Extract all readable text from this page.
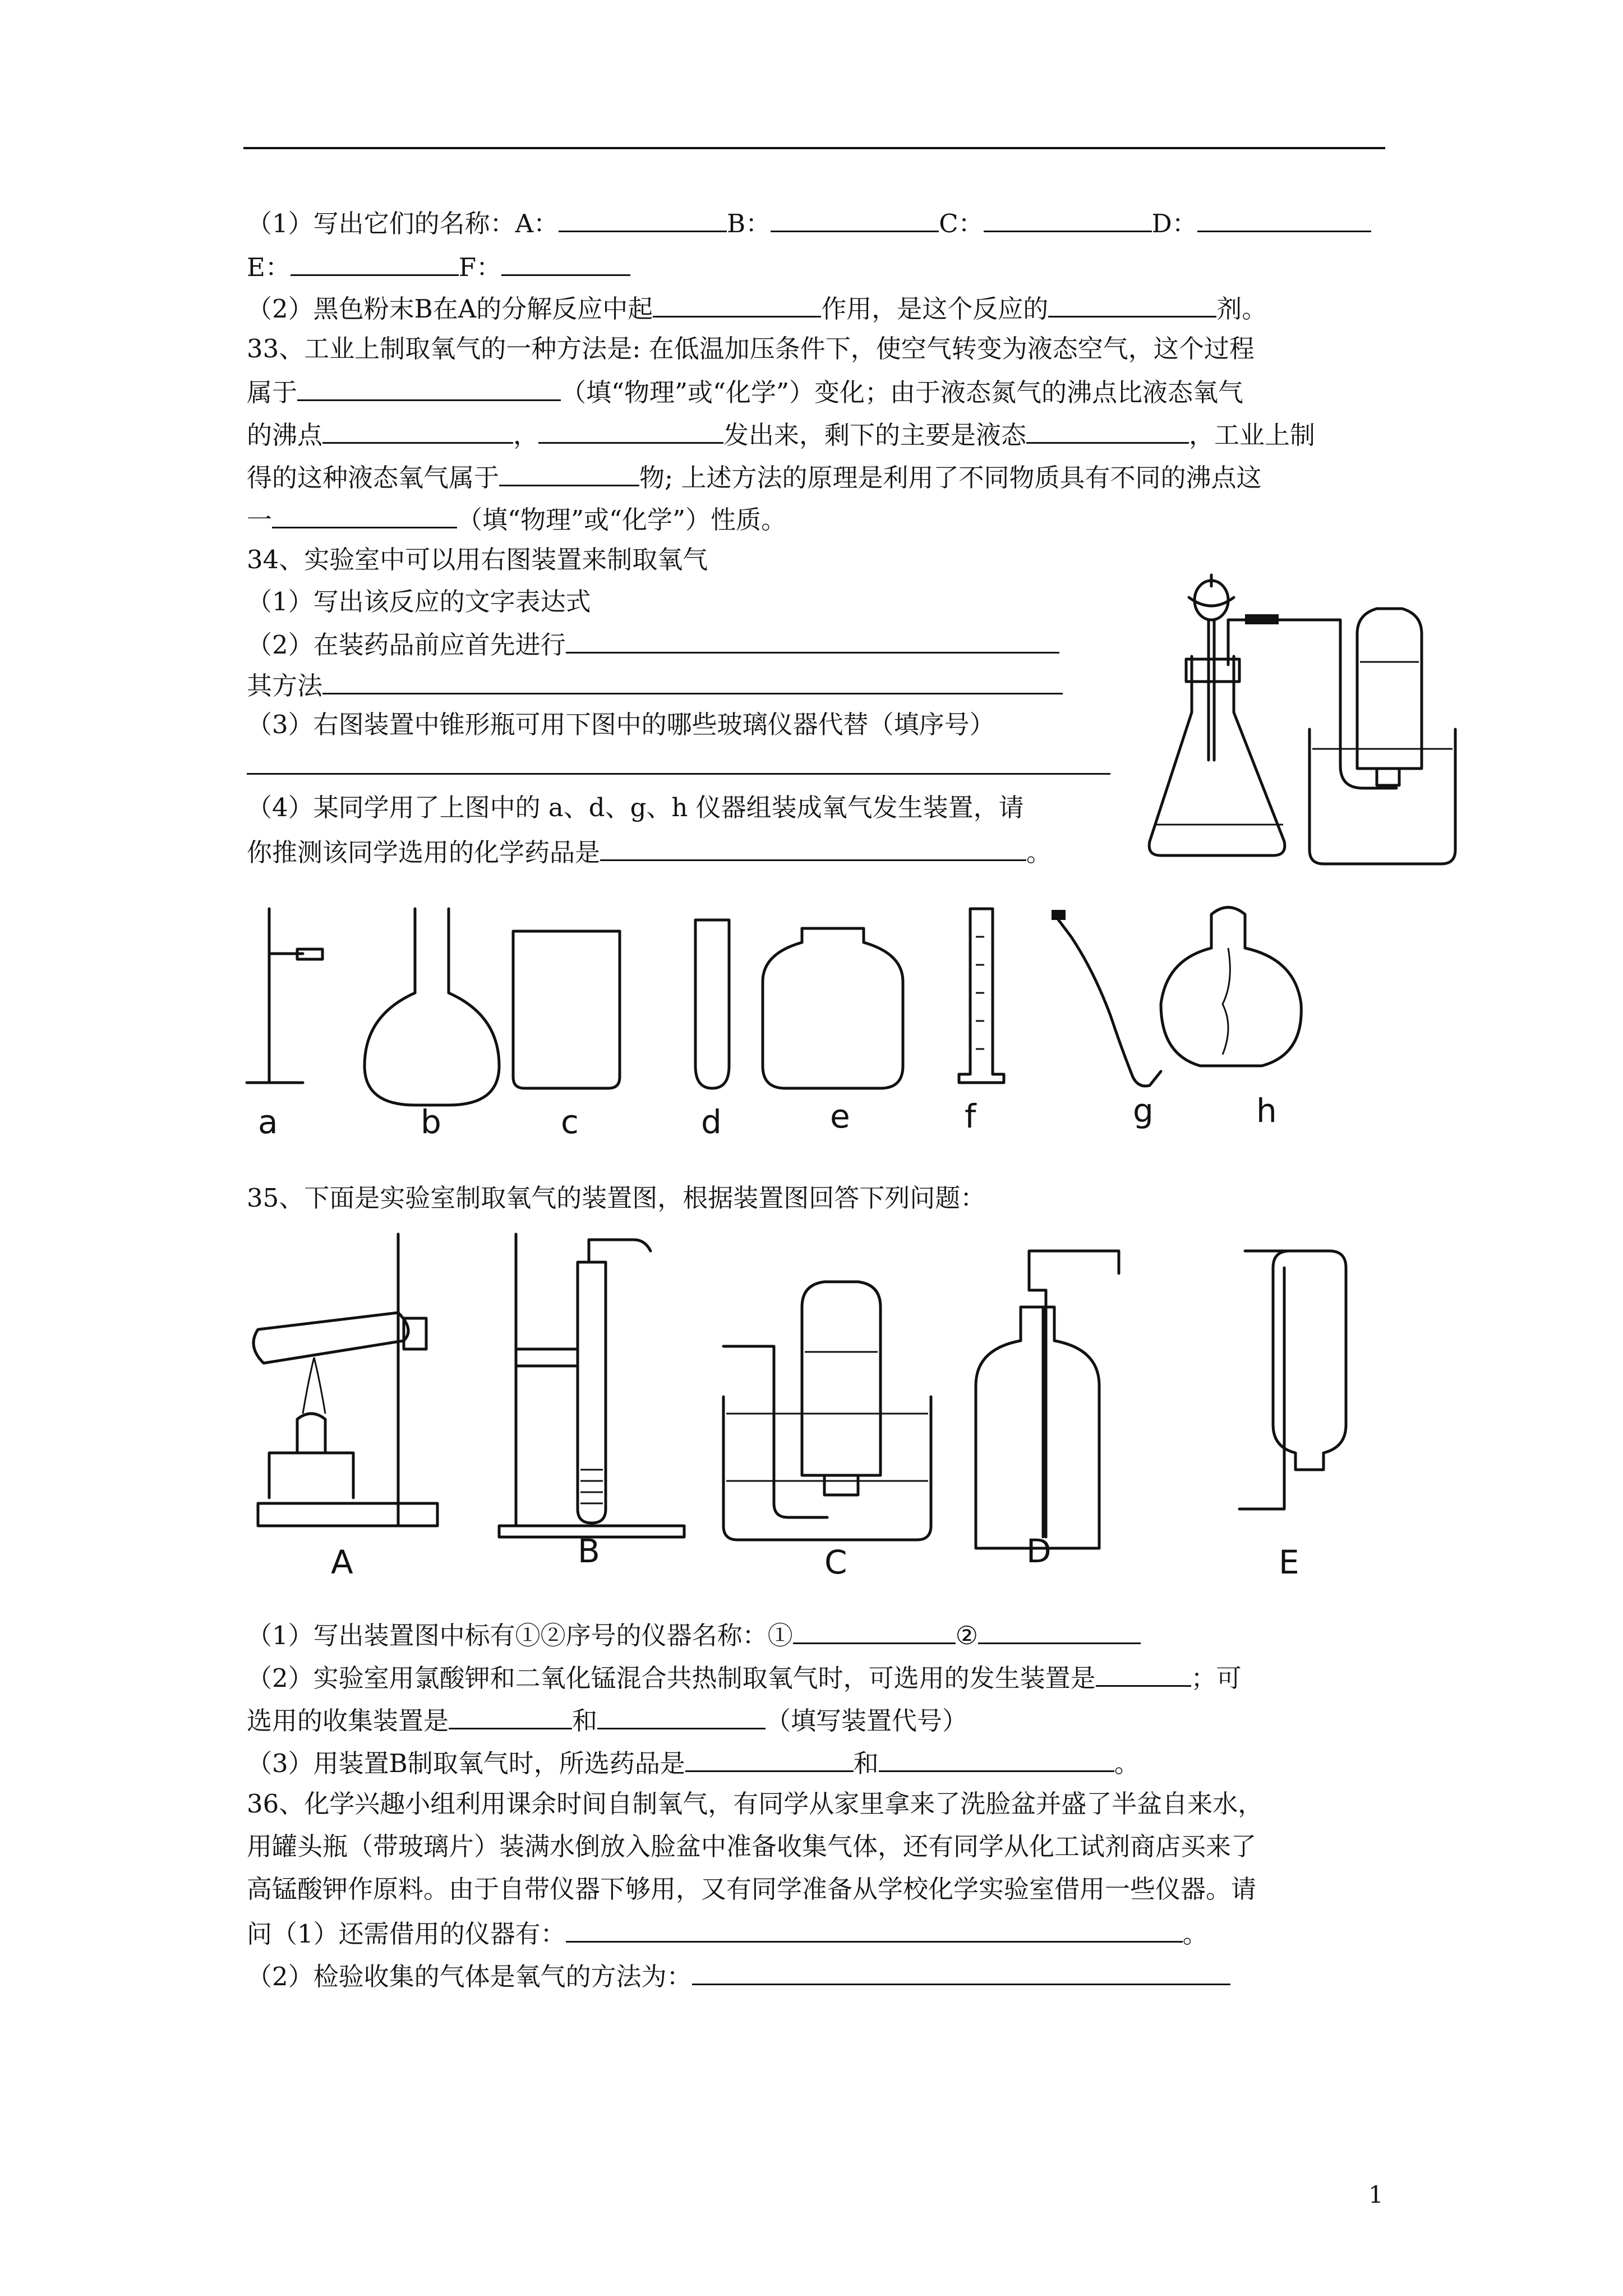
（1）写出它们的名称：A：	B：	C：	D：
E：	F：
（2）黑色粉末B在A的分解反应中起	作用，是这个反应的	剂。
33、工业上制取氧气的一种方法是: 在低温加压条件下，使空气转变为液态空气，这个过程
属于	（填“物理”或“化学”）变化；由于液态氮气的沸点比液态氧气
的沸点	，	发出来，剩下的主要是液态	，工业上制
得的这种液态氧气属于	物; 上述方法的原理是利用了不同物质具有不同的沸点这
一	（填“物理”或“化学”）性质。
34、实验室中可以用右图装置来制取氧气
（1）写出该反应的文字表达式
（2）在装药品前应首先进行
其方法
（3）右图装置中锥形瓶可用下图中的哪些玻璃仪器代替（填序号）
（4）某同学用了上图中的 a、d、g、h 仪器组装成氧气发生装置，请
你推测该同学选用的化学药品是	。
a	b	c	d	e	f	g	h
35、下面是实验室制取氧气的装置图，根据装置图回答下列问题：
A	B	C	D	E
（1）写出装置图中标有①②序号的仪器名称：①	②
（2）实验室用氯酸钾和二氧化锰混合共热制取氧气时，可选用的发生装置是	；可
选用的收集装置是	和	（填写装置代号）
（3）用装置B制取氧气时，所选药品是	和	。
36、化学兴趣小组利用课余时间自制氧气，有同学从家里拿来了洗脸盆并盛了半盆自来水，
用罐头瓶（带玻璃片）装满水倒放入脸盆中准备收集气体，还有同学从化工试剂商店买来了
高锰酸钾作原料。由于自带仪器下够用，又有同学准备从学校化学实验室借用一些仪器。请
问（1）还需借用的仪器有：	。
（2）检验收集的气体是氧气的方法为：
1
